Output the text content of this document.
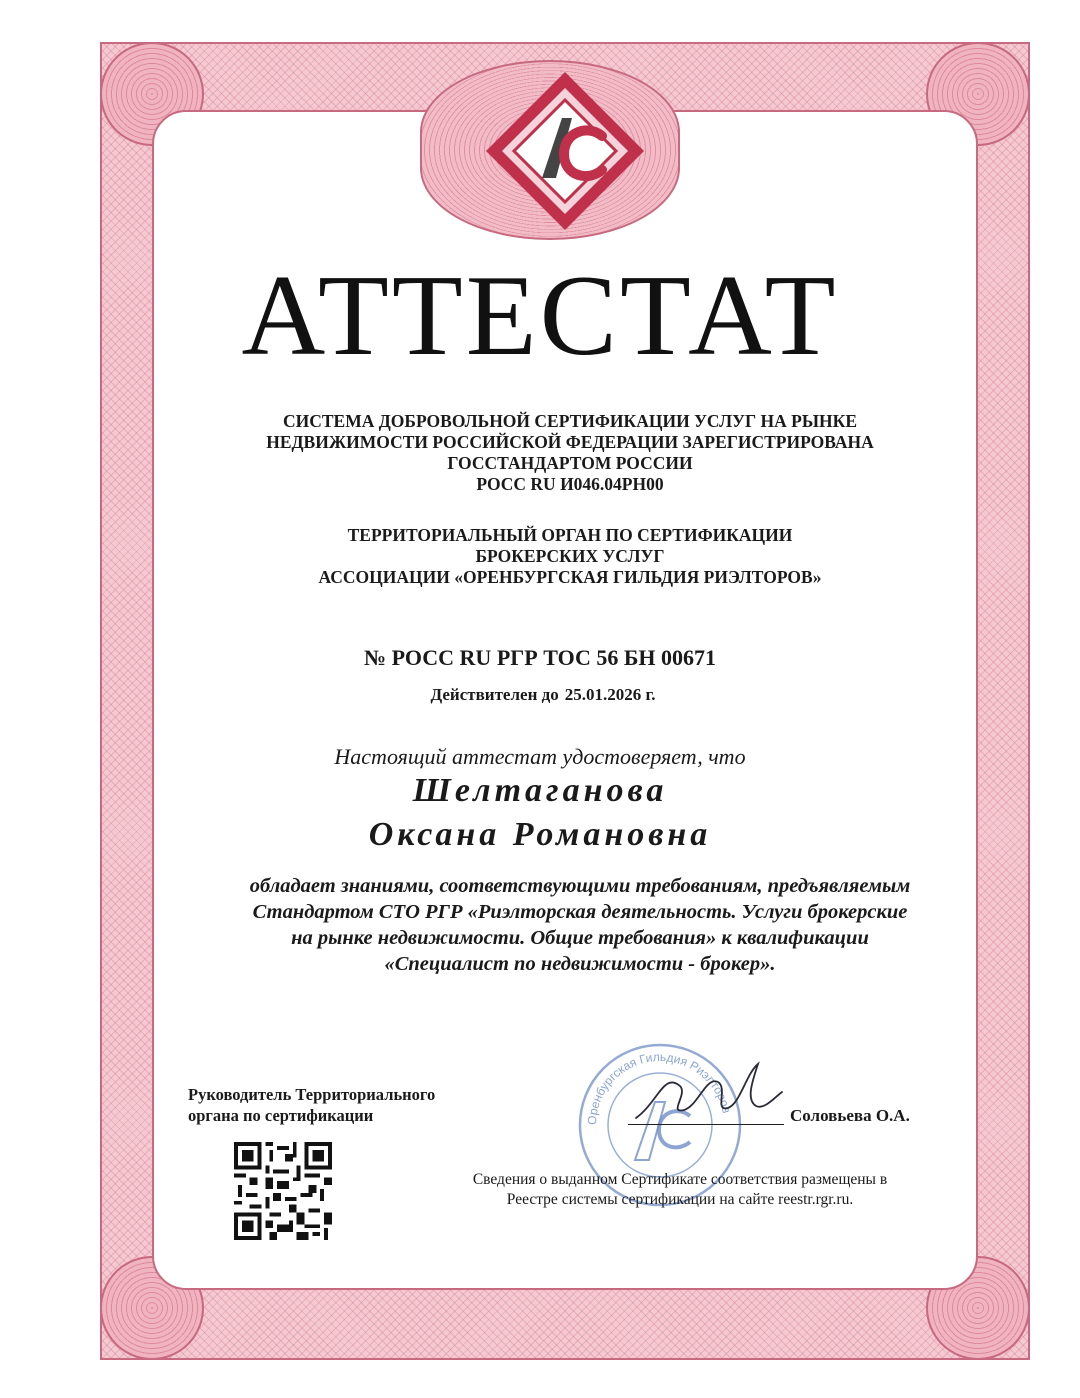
АС
АТТЕСТАТ
СИСТЕМА ДОБРОВОЛЬНОЙ СЕРТИФИКАЦИИ УСЛУГ НА РЫНКЕ
НЕДВИЖИМОСТИ РОССИЙСКОЙ ФЕДЕРАЦИИ ЗАРЕГИСТРИРОВАНА
ГОССТАНДАРТОМ РОССИИ
РОСС RU И046.04РН00
ТЕРРИТОРИАЛЬНЫЙ ОРГАН ПО СЕРТИФИКАЦИИ
БРОКЕРСКИХ УСЛУГ
АССОЦИАЦИИ «ОРЕНБУРГСКАЯ ГИЛЬДИЯ РИЭЛТОРОВ»
№ РОСС RU РГР ТОС 56 БН 00671
Действителен до 25.01.2026 г.
Настоящий аттестат удостоверяет, что
Шелтаганова
Оксана Романовна
обладает знаниями, соответствующими требованиям, предъявляемым
Стандартом СТО РГР «Риэлторская деятельность. Услуги брокерские
на рынке недвижимости. Общие требования» к квалификации
«Специалист по недвижимости - брокер».
Руководитель Территориального
органа по сертификации	Оренбургская Гильдия Риэлторов	Соловьева О.А.
Сведения о выданном Сертификате соответствия размещены в
Реестре системы сертификации на сайте reestr.rgr.ru.
